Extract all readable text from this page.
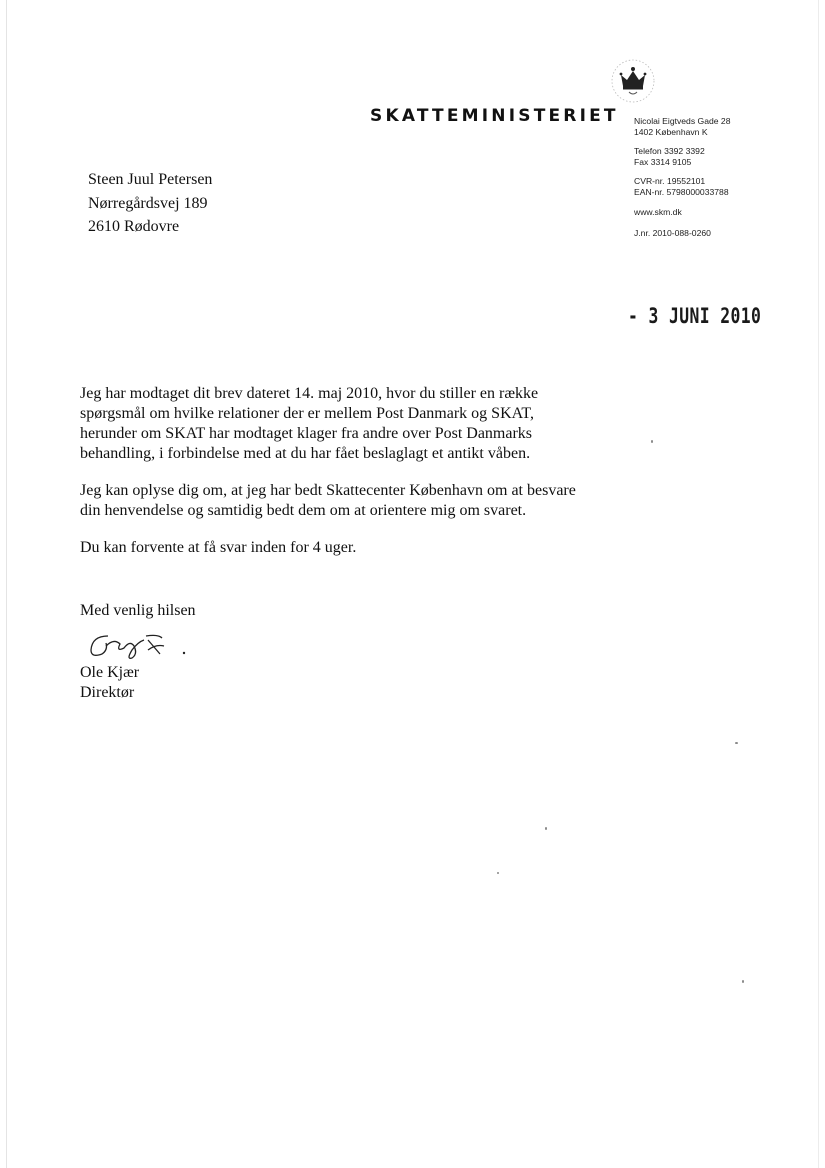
SKATTEMINISTERIET Nicolai Eigtveds Gade 28
1402 København K
Telefon 3392 3392
Fax 3314 9105
CVR-nr. 19552101
EAN-nr. 5798000033788
www.skm.dk
J.nr. 2010-088-0260
Steen Juul Petersen
Nørregårdsvej 189
2610 Rødovre
- 3 JUNI 2010
Jeg har modtaget dit brev dateret 14. maj 2010, hvor du stiller en række
spørgsmål om hvilke relationer der er mellem Post Danmark og SKAT,
herunder om SKAT har modtaget klager fra andre over Post Danmarks
behandling, i forbindelse med at du har fået beslaglagt et antikt våben.
Jeg kan oplyse dig om, at jeg har bedt Skattecenter København om at besvare
din henvendelse og samtidig bedt dem om at orientere mig om svaret.
Du kan forvente at få svar inden for 4 uger.
Med venlig hilsen
Ole Kjær
Direktør
